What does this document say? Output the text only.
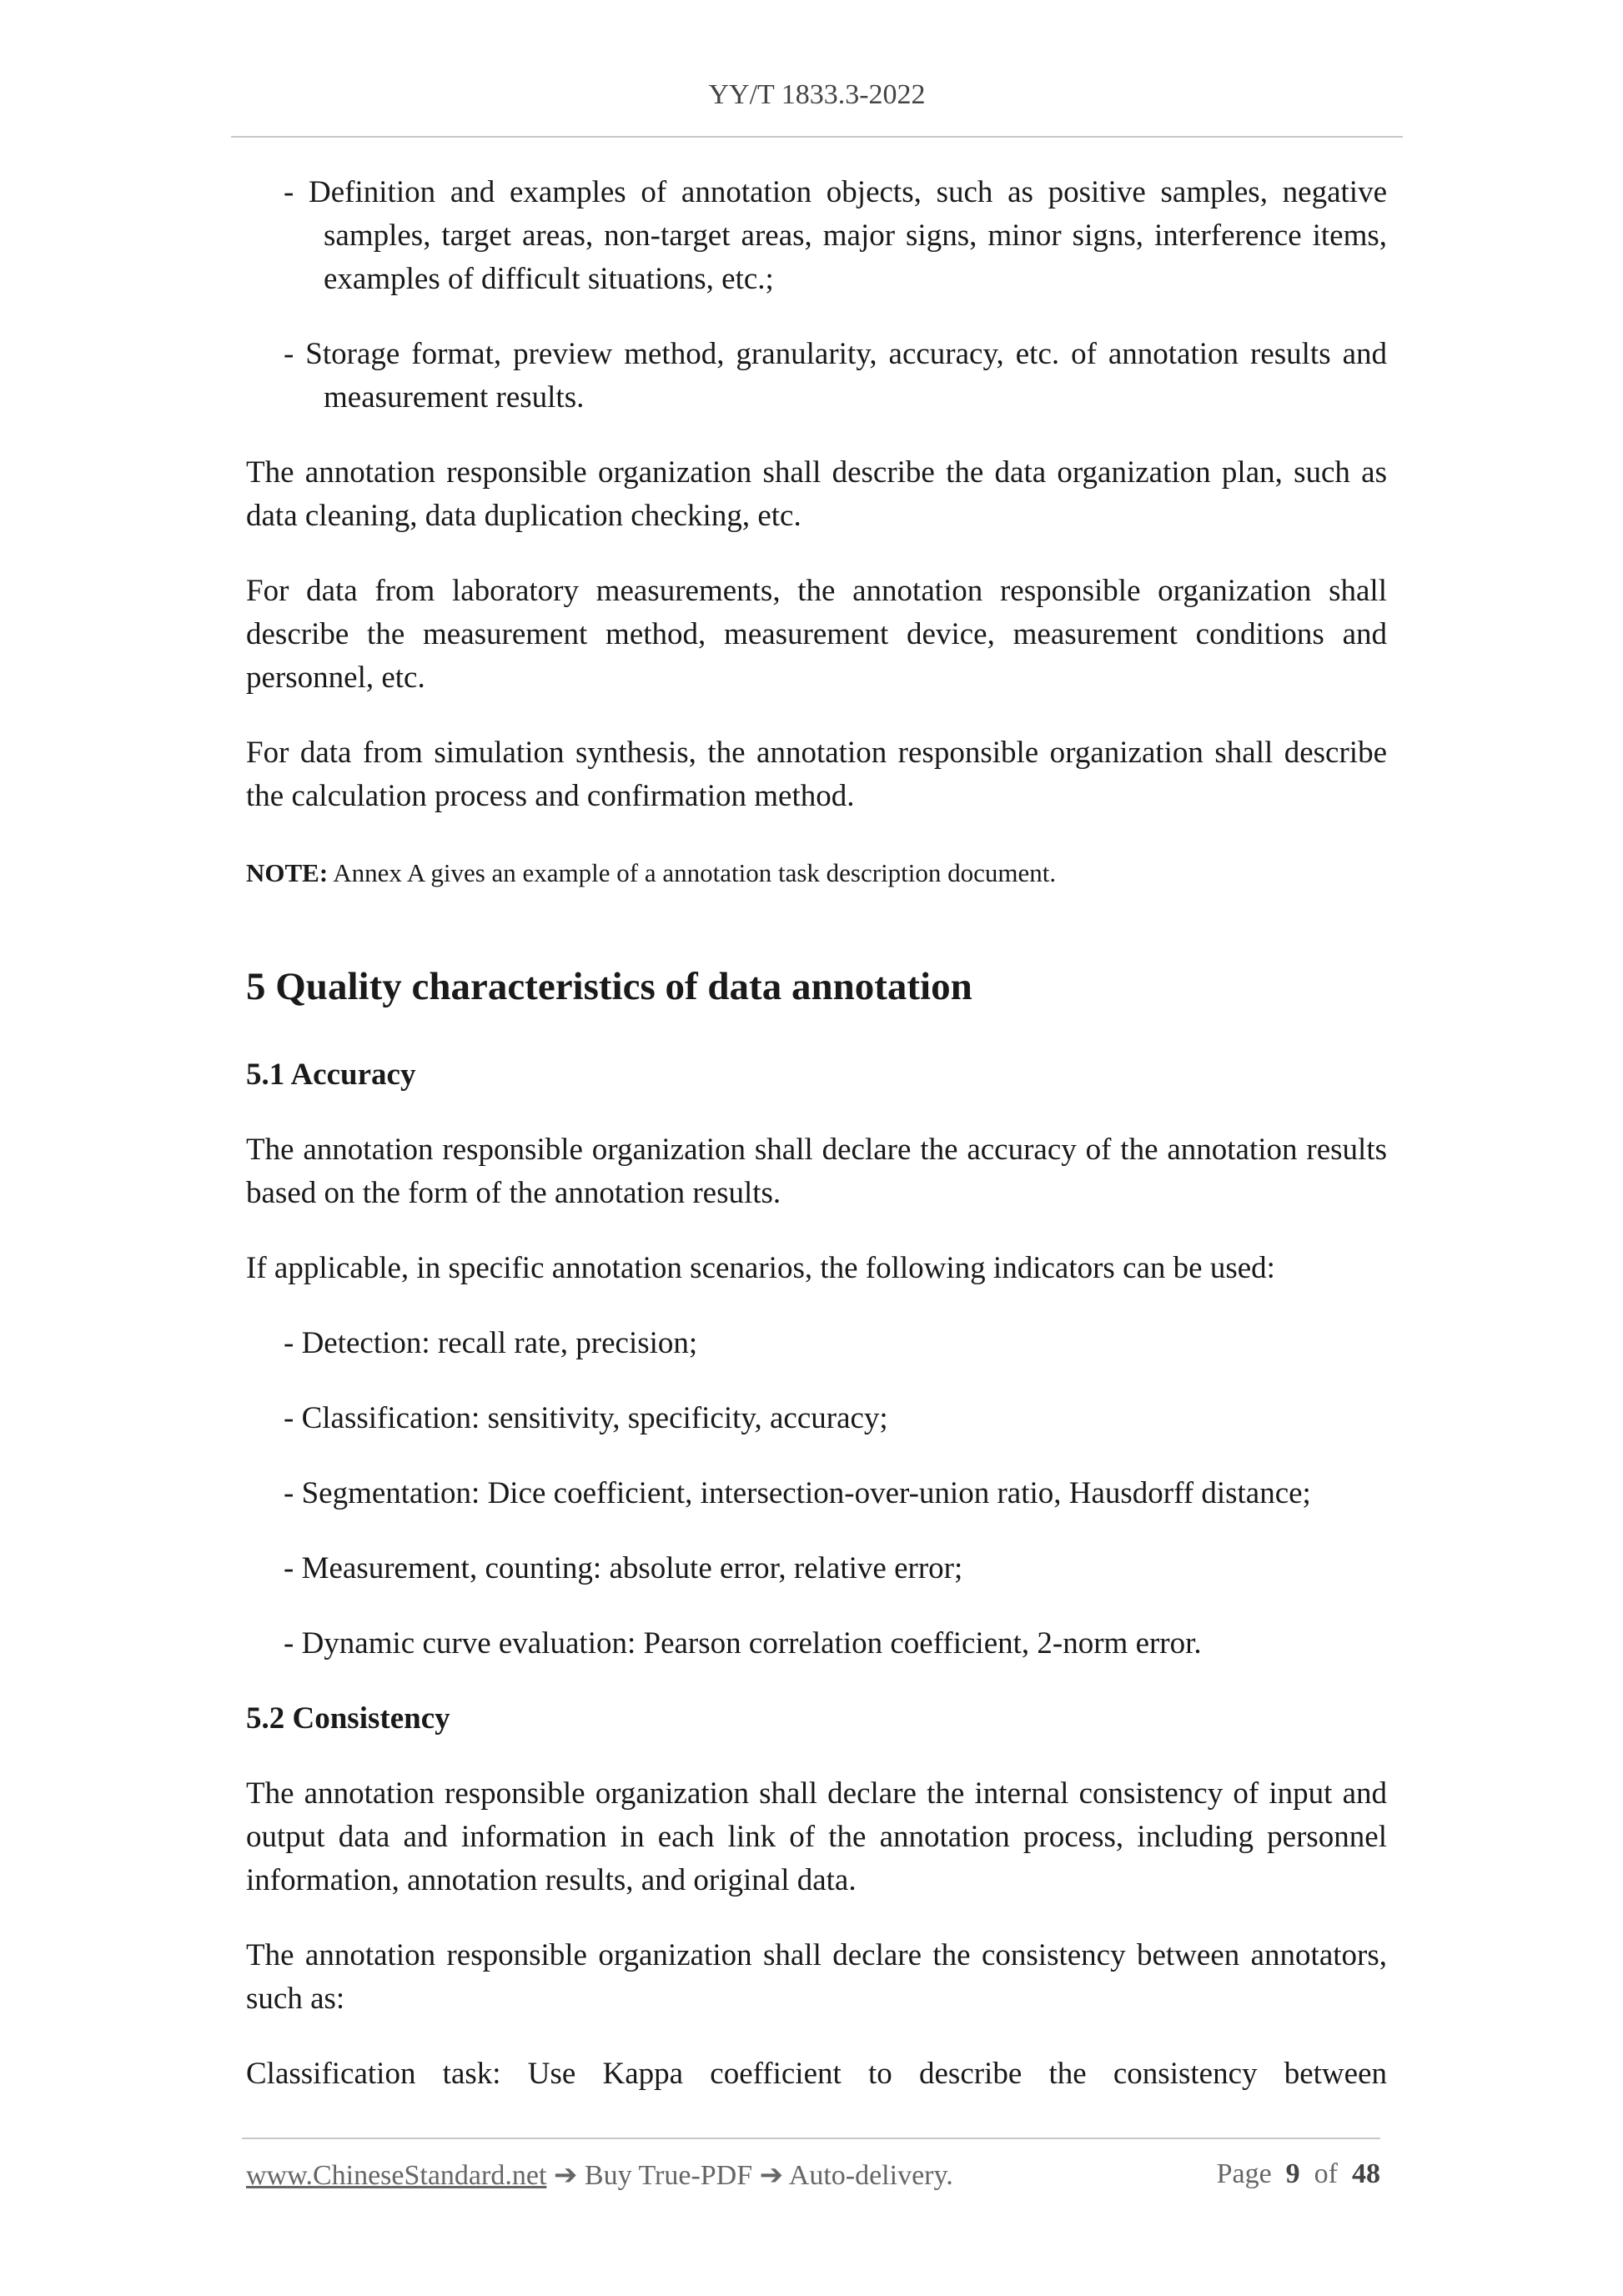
YY/T 1833.3-2022

- Definition and examples of annotation objects, such as positive samples, negative samples, target areas, non-target areas, major signs, minor signs, interference items, examples of difficult situations, etc.;

- Storage format, preview method, granularity, accuracy, etc. of annotation results and measurement results.

The annotation responsible organization shall describe the data organization plan, such as data cleaning, data duplication checking, etc.

For data from laboratory measurements, the annotation responsible organization shall describe the measurement method, measurement device, measurement conditions and personnel, etc.

For data from simulation synthesis, the annotation responsible organization shall describe the calculation process and confirmation method.

NOTE: Annex A gives an example of a annotation task description document.

5 Quality characteristics of data annotation
5.1 Accuracy

The annotation responsible organization shall declare the accuracy of the annotation results based on the form of the annotation results.

If applicable, in specific annotation scenarios, the following indicators can be used:

- Detection: recall rate, precision;

- Classification: sensitivity, specificity, accuracy;

- Segmentation: Dice coefficient, intersection-over-union ratio, Hausdorff distance;

- Measurement, counting: absolute error, relative error;

- Dynamic curve evaluation: Pearson correlation coefficient, 2-norm error.

5.2 Consistency

The annotation responsible organization shall declare the internal consistency of input and output data and information in each link of the annotation process, including personnel information, annotation results, and original data.

The annotation responsible organization shall declare the consistency between annotators, such as:

Classification task: Use Kappa coefficient to describe the consistency between

www.ChineseStandard.net ➔ Buy True-PDF ➔ Auto-delivery.	Page 9 of 48
